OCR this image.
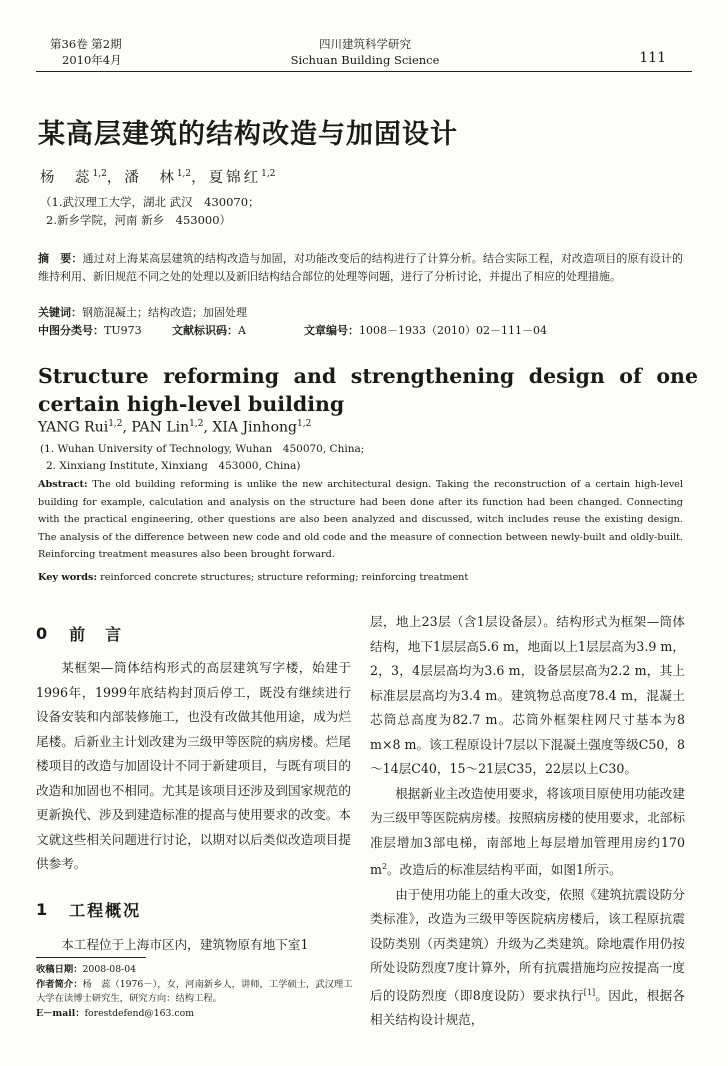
第36卷 第2期
2010年4月
四川建筑科学研究
Sichuan Building Science	111
某高层建筑的结构改造与加固设计
杨　蕊$^{1,2}$，潘　林$^{1,2}$，夏锦红$^{1,2}$
（1.武汉理工大学，湖北 武汉　430070；
2.新乡学院，河南 新乡　453000）
摘　要：通过对上海某高层建筑的结构改造与加固，对功能改变后的结构进行了计算分析。结合实际工程，对改造项目的原有设计的维持利用、新旧规范不同之处的处理以及新旧结构结合部位的处理等问题，进行了分析讨论，并提出了相应的处理措施。
关键词：钢筋混凝土；结构改造；加固处理
中图分类号：TU973	文献标识码：A	文章编号：1008－1933（2010）02－111－04
Structure reforming and strengthening design of one certain high-level building
YANG Rui$^{1,2}$, PAN Lin$^{1,2}$, XIA Jinhong$^{1,2}$
(1. Wuhan University of Technology, Wuhan　450070, China;
2. Xinxiang Institute, Xinxiang　453000, China)
Abstract: The old building reforming is unlike the new architectural design. Taking the reconstruction of a certain high-level building for example, calculation and analysis on the structure had been done after its function had been changed. Connecting with the practical engineering, other questions are also been analyzed and discussed, witch includes reuse the existing design. The analysis of the difference between new code and old code and the measure of connection between newly-built and oldly-built. Reinforcing treatment measures also been brought forward.
Key words: reinforced concrete structures; structure reforming; reinforcing treatment
0 前　言

某框架—筒体结构形式的高层建筑写字楼，始建于1996年，1999年底结构封顶后停工，既没有继续进行设备安装和内部装修施工，也没有改做其他用途，成为烂尾楼。后新业主计划改建为三级甲等医院的病房楼。烂尾楼项目的改造与加固设计不同于新建项目，与既有项目的改造和加固也不相同。尤其是该项目还涉及到国家规范的更新换代、涉及到建造标准的提高与使用要求的改变。本文就这些相关问题进行讨论，以期对以后类似改造项目提供参考。

1 工程概况

本工程位于上海市区内，建筑物原有地下室1

层，地上23层（含1层设备层）。结构形式为框架—筒体结构，地下1层层高5.6 m，地面以上1层层高为3.9 m，2，3，4层层高均为3.6 m，设备层层高为2.2 m，其上标准层层高均为3.4 m。建筑物总高度78.4 m，混凝土芯筒总高度为82.7 m。芯筒外框架柱网尺寸基本为8 m×8 m。该工程原设计7层以下混凝土强度等级C50，8～14层C40，15～21层C35，22层以上C30。

根据新业主改造使用要求，将该项目原使用功能改建为三级甲等医院病房楼。按照病房楼的使用要求，北部标准层增加3部电梯，南部地上每层增加管理用房约170 $m^2$。改造后的标准层结构平面，如图1所示。

由于使用功能上的重大改变，依照《建筑抗震设防分类标准》，改造为三级甲等医院病房楼后，该工程原抗震设防类别（丙类建筑）升级为乙类建筑。除地震作用仍按所处设防烈度7度计算外，所有抗震措施均应按提高一度后的设防烈度（即8度设防）要求执行[1]。因此，根据各相关结构设计规范，

收稿日期：2008-08-04
作者简介：杨　蕊（1976－），女，河南新乡人，讲师，工学硕士，武汉理工大学在读博士研究生，研究方向：结构工程。
E－mail：forestdefend@163.com
